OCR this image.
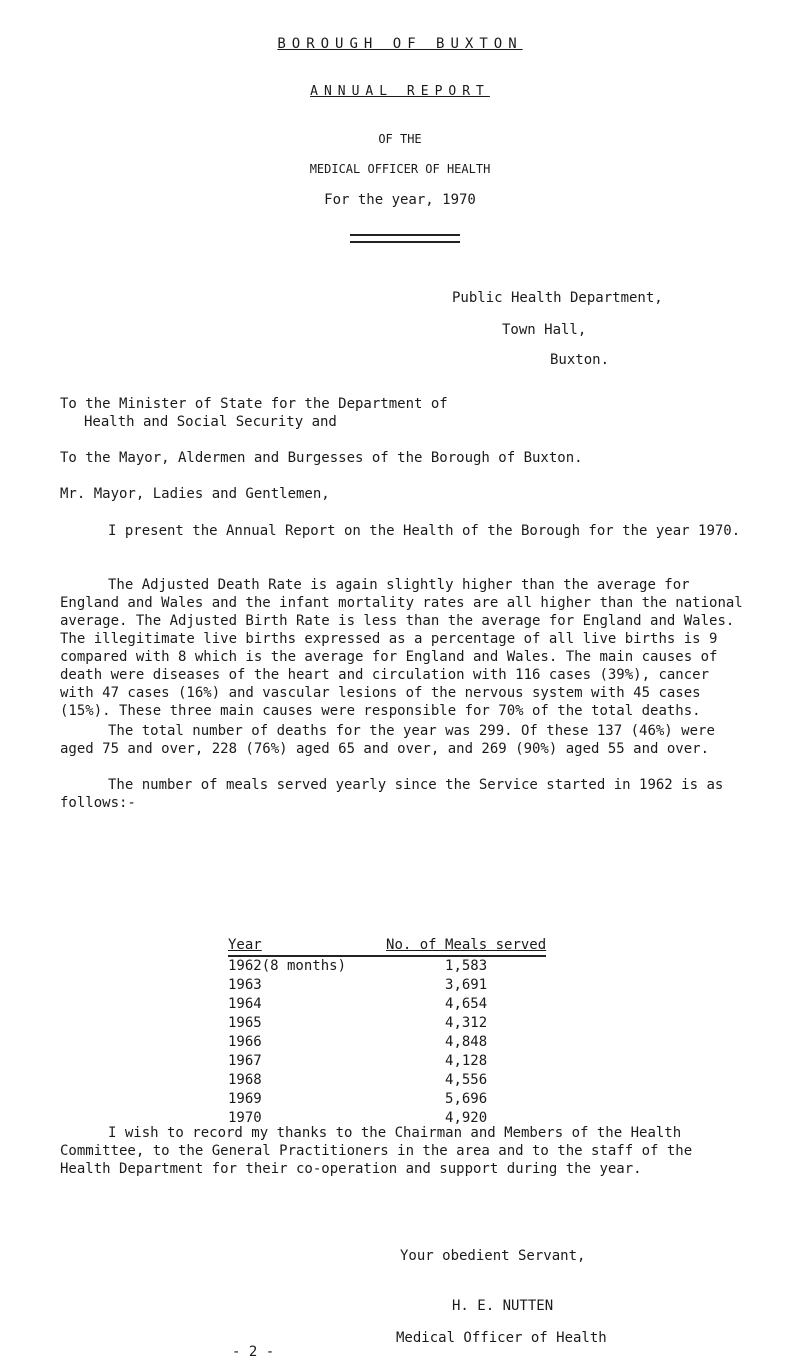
BOROUGH OF BUXTON
ANNUAL REPORT
OF THE
MEDICAL OFFICER OF HEALTH
For the year, 1970
Public Health Department,
Town Hall,
Buxton.
To the Minister of State for the Department of
Health and Social Security and
To the Mayor, Aldermen and Burgesses of the Borough of Buxton.
Mr. Mayor, Ladies and Gentlemen,
I present the Annual Report on the Health of the Borough for the year 1970.
The Adjusted Death Rate is again slightly higher than the average for England and Wales and the infant mortality rates are all higher than the national average. The Adjusted Birth Rate is less than the average for England and Wales. The illegitimate live births expressed as a percentage of all live births is 9 compared with 8 which is the average for England and Wales. The main causes of death were diseases of the heart and circulation with 116 cases (39%), cancer with 47 cases (16%) and vascular lesions of the nervous system with 45 cases (15%). These three main causes were responsible for 70% of the total deaths.
The total number of deaths for the year was 299. Of these 137 (46%) were aged 75 and over, 228 (76%) aged 65 and over, and 269 (90%) aged 55 and over.
The number of meals served yearly since the Service started in 1962 is as follows:-
Year	No. of Meals served
1962(8 months)	1,583
1963	3,691
1964	4,654
1965	4,312
1966	4,848
1967	4,128
1968	4,556
1969	5,696
1970	4,920
I wish to record my thanks to the Chairman and Members of the Health Committee, to the General Practitioners in the area and to the staff of the Health Department for their co-operation and support during the year.
Your obedient Servant,
H. E. NUTTEN
Medical Officer of Health
- 2 -
